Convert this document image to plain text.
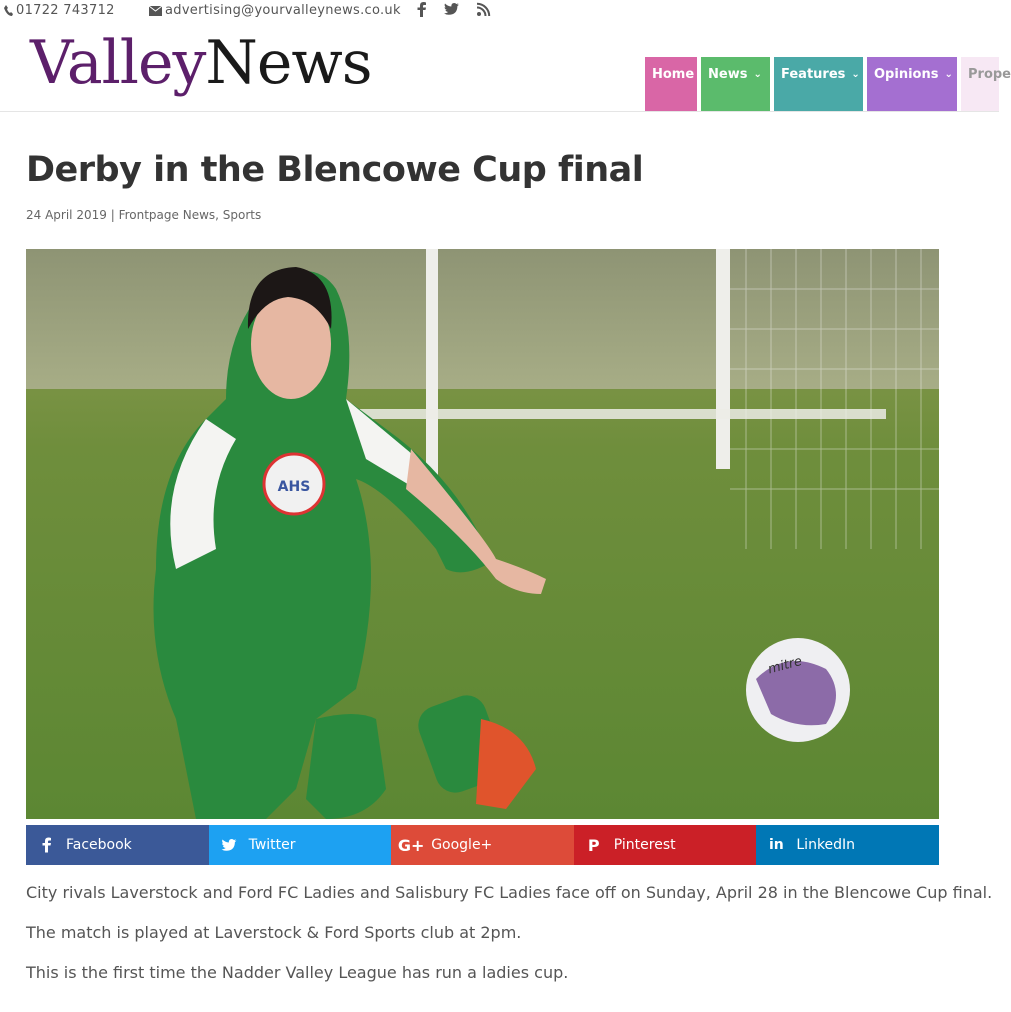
01722 743712	advertising@yourvalleynews.co.uk
ValleyNews	Home News ⌄ Features ⌄ Opinions ⌄ Prope
Derby in the Blencowe Cup final
24 April 2019 | Frontpage News, Sports
AHS
mitre
Facebook	Twitter	G+ Google+	P	Pinterest	in LinkedIn

City rivals Laverstock and Ford FC Ladies and Salisbury FC Ladies face off on Sunday, April 28 in the Blencowe Cup final.

The match is played at Laverstock & Ford Sports club at 2pm.

This is the first time the Nadder Valley League has run a ladies cup.
